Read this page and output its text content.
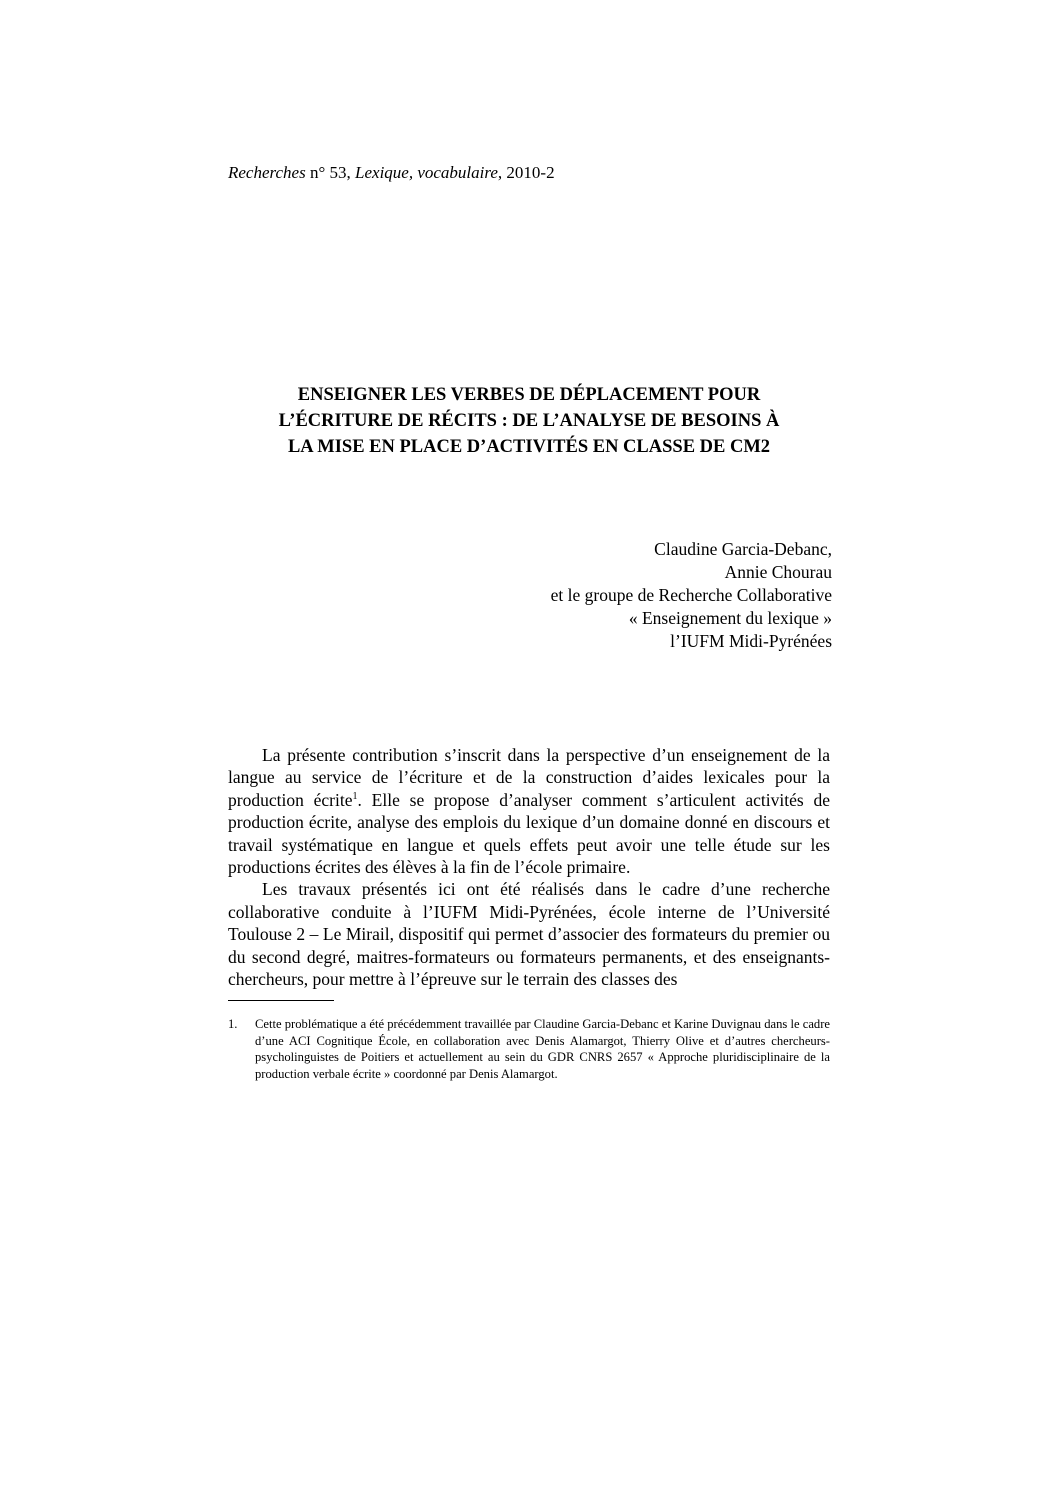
Recherches n° 53, Lexique, vocabulaire, 2010-2
ENSEIGNER LES VERBES DE DÉPLACEMENT POUR
L’ÉCRITURE DE RÉCITS : DE L’ANALYSE DE BESOINS À
LA MISE EN PLACE D’ACTIVITÉS EN CLASSE DE CM2
Claudine Garcia-Debanc,
Annie Chourau
et le groupe de Recherche Collaborative
« Enseignement du lexique »
l’IUFM Midi-Pyrénées

La présente contribution s’inscrit dans la perspective d’un enseignement de la langue au service de l’écriture et de la construction d’aides lexicales pour la production écrite$^1$. Elle se propose d’analyser comment s’articulent activités de production écrite, analyse des emplois du lexique d’un domaine donné en discours et travail systématique en langue et quels effets peut avoir une telle étude sur les productions écrites des élèves à la fin de l’école primaire.

Les travaux présentés ici ont été réalisés dans le cadre d’une recherche collaborative conduite à l’IUFM Midi-Pyrénées, école interne de l’Université Toulouse 2 – Le Mirail, dispositif qui permet d’associer des formateurs du premier ou du second degré, maitres-formateurs ou formateurs permanents, et des enseignants-chercheurs, pour mettre à l’épreuve sur le terrain des classes des

1. Cette problématique a été précédemment travaillée par Claudine Garcia-Debanc et Karine Duvignau dans le cadre d’une ACI Cognitique École, en collaboration avec Denis Alamargot, Thierry Olive et d’autres chercheurs-psycholinguistes de Poitiers et actuellement au sein du GDR CNRS 2657 « Approche pluridisciplinaire de la production verbale écrite » coordonné par Denis Alamargot.
